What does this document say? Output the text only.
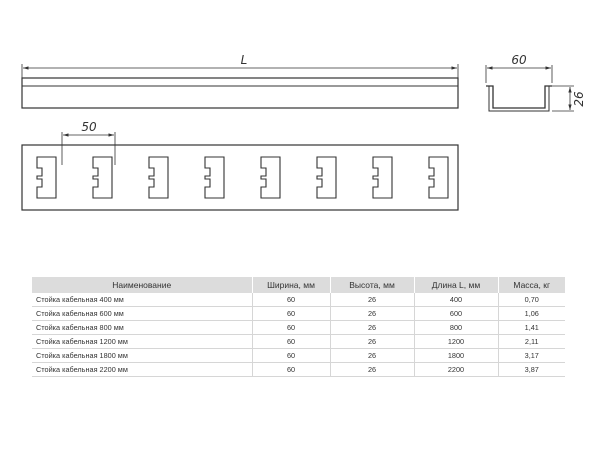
L	60
26
50
Наименование	Ширина, мм	Высота, мм	Длина L, мм	Масса, кг
Стойка кабельная 400 мм	60	26	400	0,70
Стойка кабельная 600 мм	60	26	600	1,06
Стойка кабельная 800 мм	60	26	800	1,41
Стойка кабельная 1200 мм	60	26	1200	2,11
Стойка кабельная 1800 мм	60	26	1800	3,17
Стойка кабельная 2200 мм	60	26	2200	3,87
